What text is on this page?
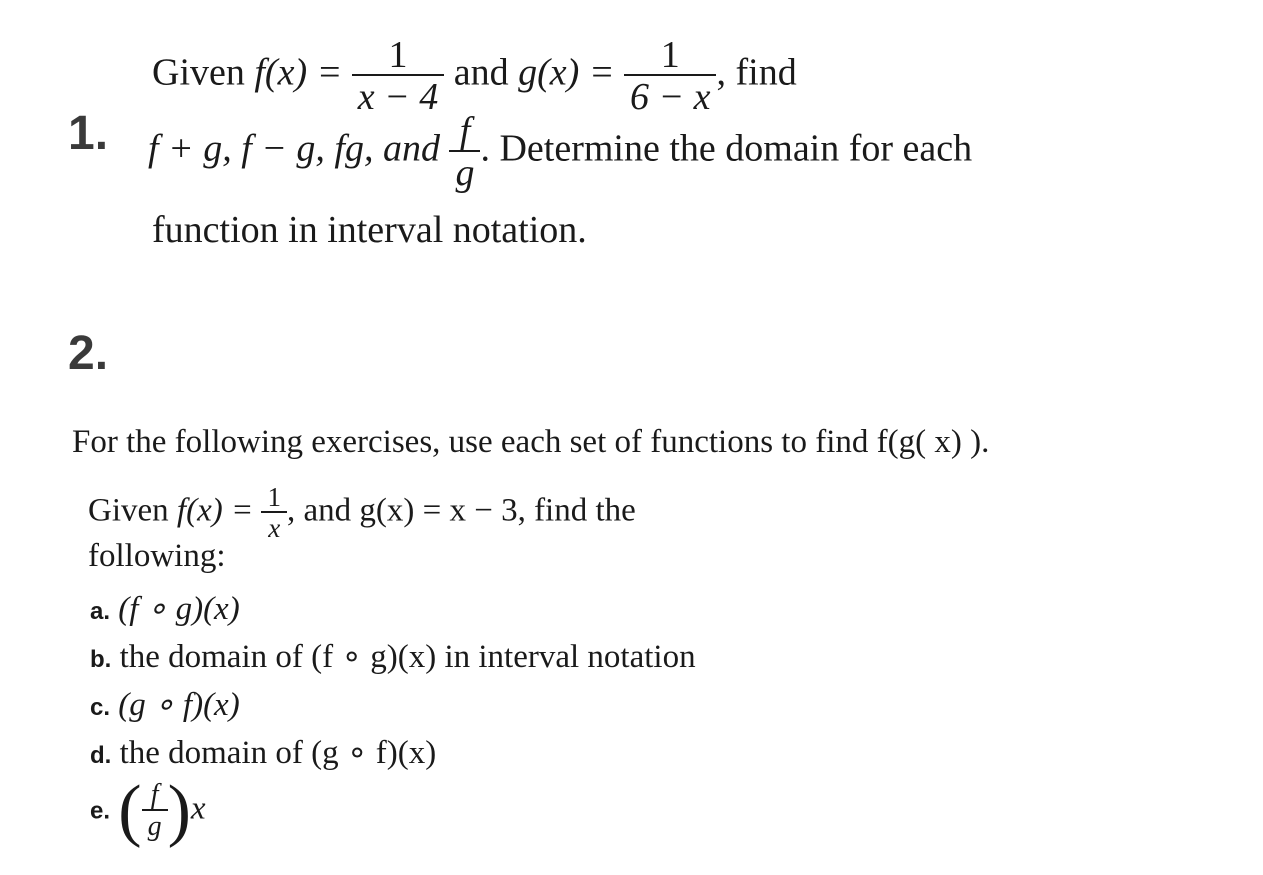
1.
Given $f(x) = \frac{1}{x - 4}$ and $g(x) = \frac{1}{6 - x}$ , find
f + g, f − g, fg, and $\frac{f}{g}$ . Determine the domain for each
function in interval notation.
2.
For the following exercises, use each set of functions to find f(g( x) ).
Given $f(x) = \frac{1}{x}$ , and g(x) = x − 3, find the
following:
a. (f ∘ g)(x)
b. the domain of (f ∘ g)(x) in interval notation
c. (g ∘ f)(x)
d. the domain of (g ∘ f)(x)
e. ( $\frac{f}{g} )x$
